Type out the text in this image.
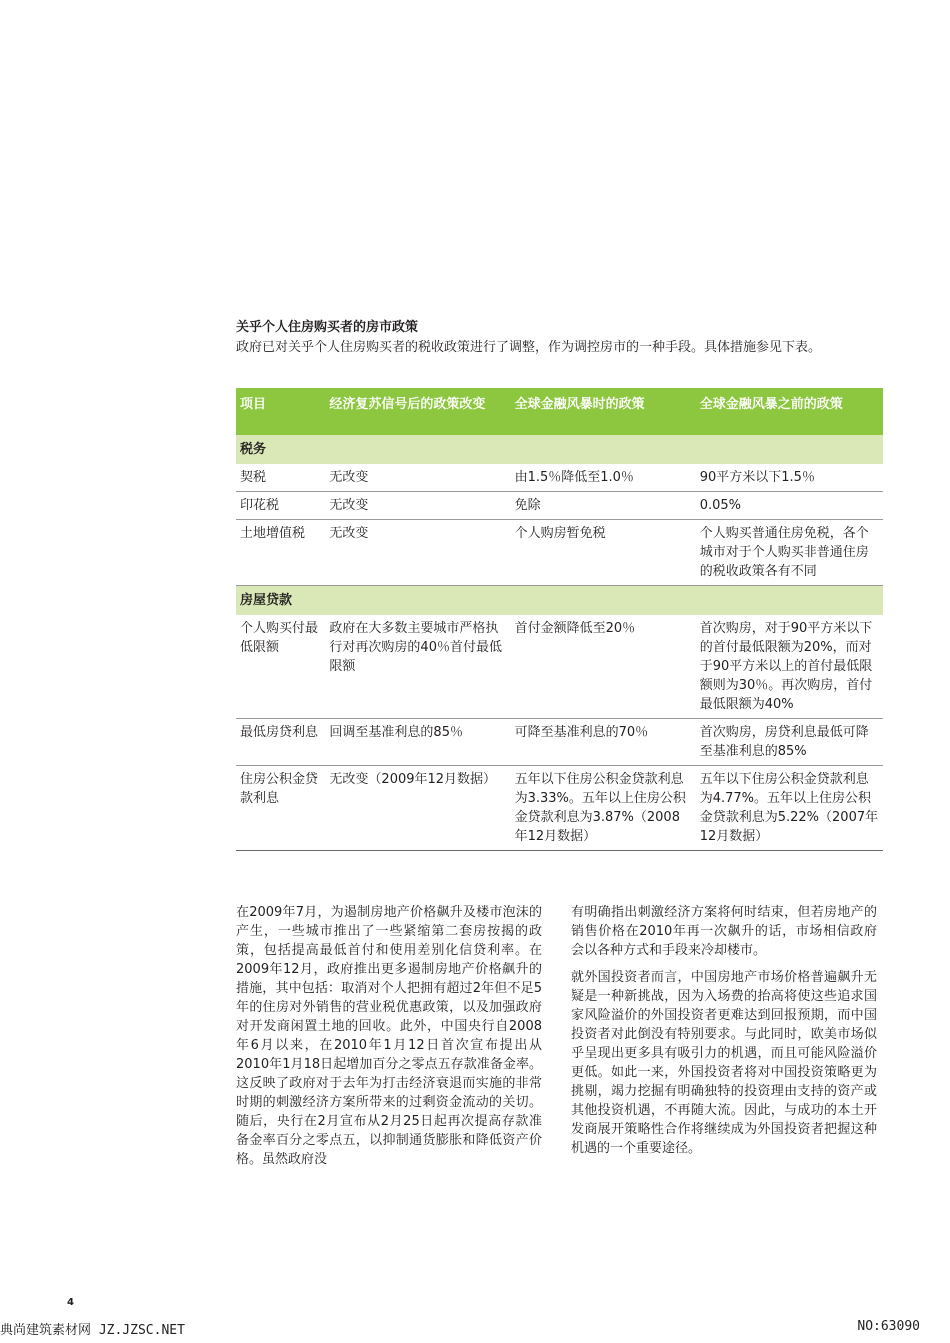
关乎个人住房购买者的房市政策

政府已对关乎个人住房购买者的税收政策进行了调整，作为调控房市的一种手段。具体措施参见下表。

项目	经济复苏信号后的政策改变	全球金融风暴时的政策	全球金融风暴之前的政策
税务			
契税	无改变	由1.5％降低至1.0％	90平方米以下1.5％
印花税	无改变	免除	0.05%
土地增值税	无改变	个人购房暂免税	个人购买普通住房免税，各个城市对于个人购买非普通住房的税收政策各有不同
房屋贷款			
个人购买付最低限额	政府在大多数主要城市严格执行对再次购房的40％首付最低限额	首付金额降低至20％	首次购房，对于90平方米以下的首付最低限额为20%，而对于90平方米以上的首付最低限额则为30％。再次购房，首付最低限额为40%
最低房贷利息	回调至基准利息的85％	可降至基准利息的70％	首次购房，房贷利息最低可降至基准利息的85%
住房公积金贷款利息	无改变（2009年12月数据）	五年以下住房公积金贷款利息为3.33%。五年以上住房公积金贷款利息为3.87%（2008年12月数据）	五年以下住房公积金贷款利息为4.77%。五年以上住房公积金贷款利息为5.22%（2007年12月数据）

在2009年7月，为遏制房地产价格飙升及楼市泡沫的产生，一些城市推出了一些紧缩第二套房按揭的政策，包括提高最低首付和使用差别化信贷利率。在2009年12月，政府推出更多遏制房地产价格飙升的措施，其中包括：取消对个人把拥有超过2年但不足5年的住房对外销售的营业税优惠政策，以及加强政府对开发商闲置土地的回收。此外，中国央行自2008年6月以来，在2010年1月12日首次宣布提出从2010年1月18日起增加百分之零点五存款准备金率。这反映了政府对于去年为打击经济衰退而实施的非常时期的刺激经济方案所带来的过剩资金流动的关切。随后，央行在2月宣布从2月25日起再次提高存款准备金率百分之零点五，以抑制通货膨胀和降低资产价格。虽然政府没

有明确指出刺激经济方案将何时结束，但若房地产的销售价格在2010年再一次飙升的话，市场相信政府会以各种方式和手段来冷却楼市。

就外国投资者而言，中国房地产市场价格普遍飙升无疑是一种新挑战，因为入场费的抬高将使这些追求国家风险溢价的外国投资者更难达到回报预期，而中国投资者对此倒没有特别要求。与此同时，欧美市场似乎呈现出更多具有吸引力的机遇，而且可能风险溢价更低。如此一来，外国投资者将对中国投资策略更为挑剔，竭力挖掘有明确独特的投资理由支持的资产或其他投资机遇，不再随大流。因此，与成功的本土开发商展开策略性合作将继续成为外国投资者把握这种机遇的一个重要途径。

4
典尚建筑素材网 JZ.JZSC.NET	NO:63090
